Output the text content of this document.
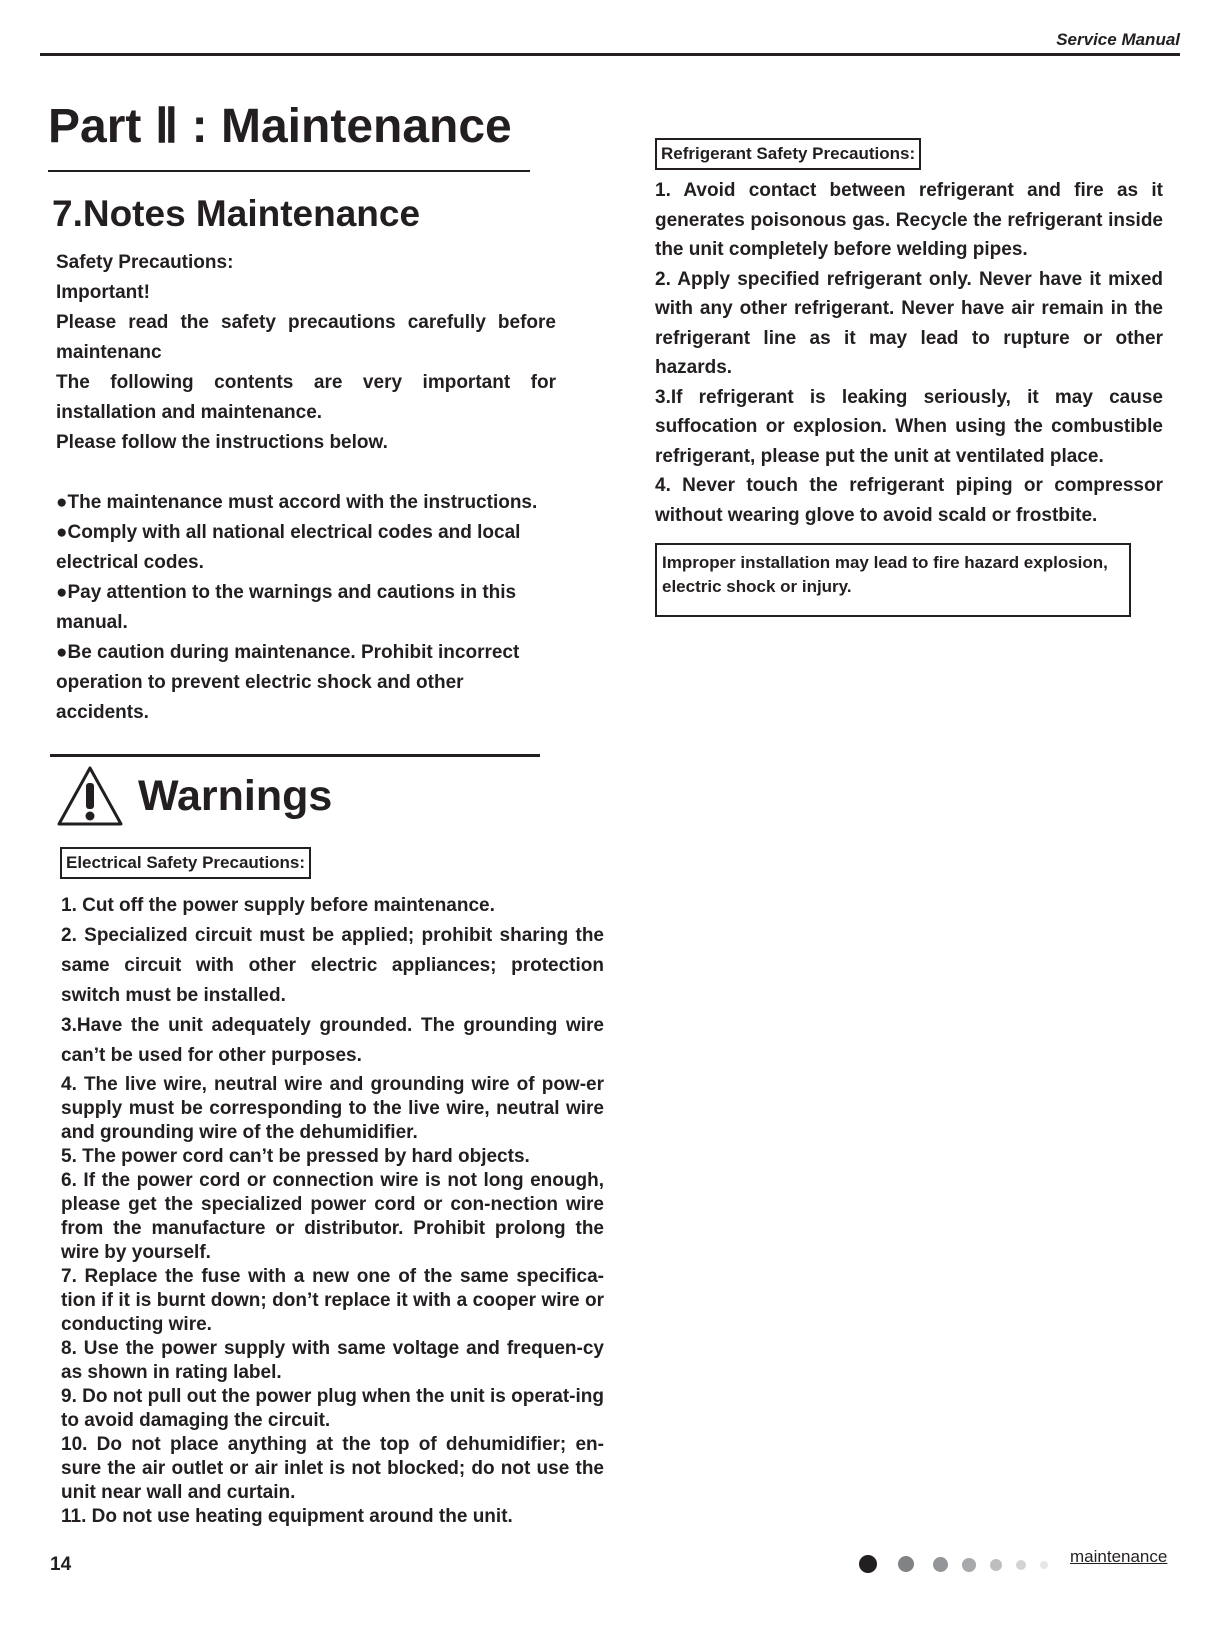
Service Manual
Part Ⅱ : Maintenance
7.Notes Maintenance

Safety Precautions:

Important!

Please read the safety precautions carefully before

maintenanc

The following contents are very important for

installation and maintenance.

Please follow the instructions below.

●The maintenance must accord with the instructions.

●Comply with all national electrical codes and local electrical codes.

●Pay attention to the warnings and cautions in this manual.

●Be caution during maintenance. Prohibit incorrect operation to prevent electric shock and other accidents.

Warnings
Electrical Safety Precautions:

1. Cut off the power supply before maintenance.

2. Specialized circuit must be applied; prohibit sharing the same circuit with other electric appliances; protection switch must be installed.

3.Have the unit adequately grounded. The grounding wire can’t be used for other purposes.

4. The live wire, neutral wire and grounding wire of pow-er supply must be corresponding to the live wire, neutral wire and grounding wire of the dehumidifier.

5. The power cord can’t be pressed by hard objects.

6. If the power cord or connection wire is not long enough, please get the specialized power cord or con-nection wire from the manufacture or distributor. Prohibit prolong the wire by yourself.

7. Replace the fuse with a new one of the same specifica-tion if it is burnt down; don’t replace it with a cooper wire or conducting wire.

8. Use the power supply with same voltage and frequen-cy as shown in rating label.

9. Do not pull out the power plug when the unit is operat-ing to avoid damaging the circuit.

10. Do not place anything at the top of dehumidifier; en-sure the air outlet or air inlet is not blocked; do not use the unit near wall and curtain.

11. Do not use heating equipment around the unit.

Refrigerant Safety Precautions:

1. Avoid contact between refrigerant and fire as it generates poisonous gas. Recycle the refrigerant inside the unit completely before welding pipes.

2. Apply specified refrigerant only. Never have it mixed with any other refrigerant. Never have air remain in the refrigerant line as it may lead to rupture or other hazards.

3.If refrigerant is leaking seriously, it may cause suffocation or explosion. When using the combustible refrigerant, please put the unit at ventilated place.

4. Never touch the refrigerant piping or compressor without wearing glove to avoid scald or frostbite.

Improper installation may lead to fire hazard explosion, electric shock or injury.
14	maintenance
